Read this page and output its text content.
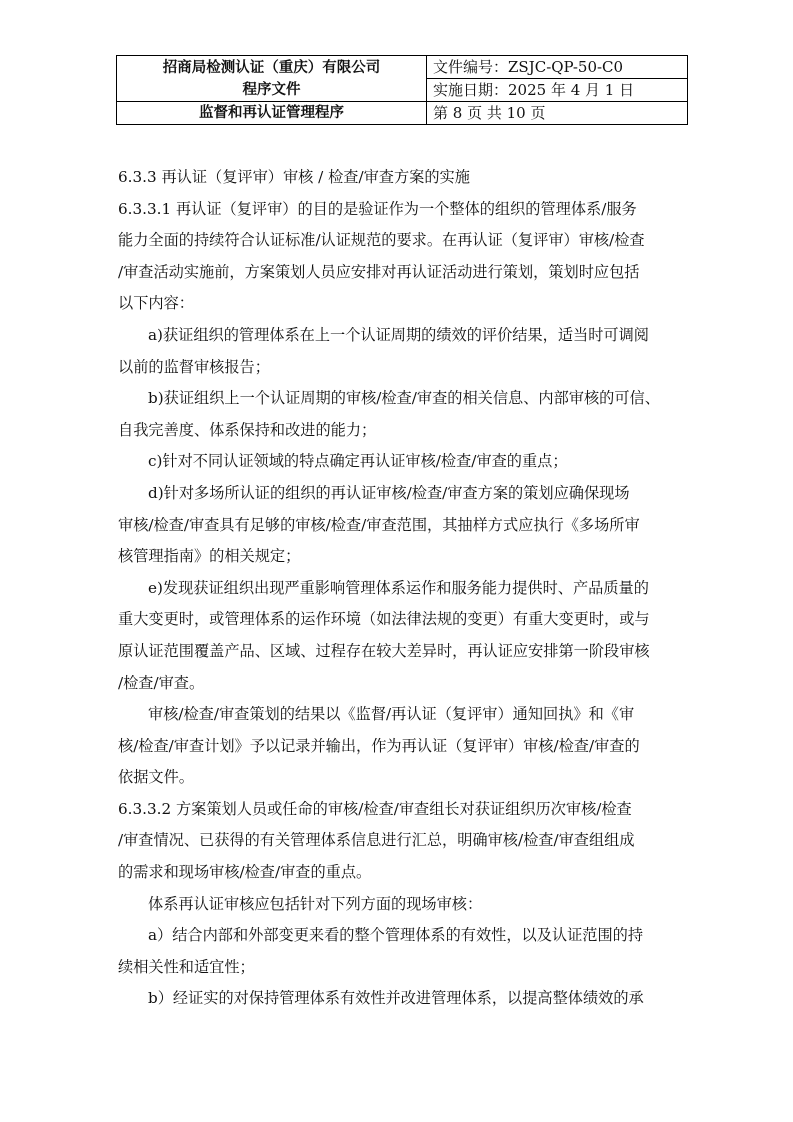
招商局检测认证（重庆）有限公司
程序文件	文件编号：ZSJC-QP-50-C0
	实施日期：2025 年 4 月 1 日
监督和再认证管理程序	第 8 页 共 10 页
6.3.3 再认证（复评审）审核 / 检查/审查方案的实施
6.3.3.1 再认证（复评审）的目的是验证作为一个整体的组织的管理体系/服务
能力全面的持续符合认证标准/认证规范的要求。在再认证（复评审）审核/检查
/审查活动实施前，方案策划人员应安排对再认证活动进行策划，策划时应包括
以下内容：
a)获证组织的管理体系在上一个认证周期的绩效的评价结果，适当时可调阅
以前的监督审核报告；
b)获证组织上一个认证周期的审核/检查/审查的相关信息、内部审核的可信、
自我完善度、体系保持和改进的能力；
c)针对不同认证领域的特点确定再认证审核/检查/审查的重点；
d)针对多场所认证的组织的再认证审核/检查/审查方案的策划应确保现场
审核/检查/审查具有足够的审核/检查/审查范围，其抽样方式应执行《多场所审
核管理指南》的相关规定；
e)发现获证组织出现严重影响管理体系运作和服务能力提供时、产品质量的
重大变更时，或管理体系的运作环境（如法律法规的变更）有重大变更时，或与
原认证范围覆盖产品、区域、过程存在较大差异时，再认证应安排第一阶段审核
/检查/审查。
审核/检查/审查策划的结果以《监督/再认证（复评审）通知回执》和《审
核/检查/审查计划》予以记录并输出，作为再认证（复评审）审核/检查/审查的
依据文件。
6.3.3.2 方案策划人员或任命的审核/检查/审查组长对获证组织历次审核/检查
/审查情况、已获得的有关管理体系信息进行汇总，明确审核/检查/审查组组成
的需求和现场审核/检查/审查的重点。
体系再认证审核应包括针对下列方面的现场审核：
a）结合内部和外部变更来看的整个管理体系的有效性，以及认证范围的持
续相关性和适宜性；
b）经证实的对保持管理体系有效性并改进管理体系，以提高整体绩效的承
